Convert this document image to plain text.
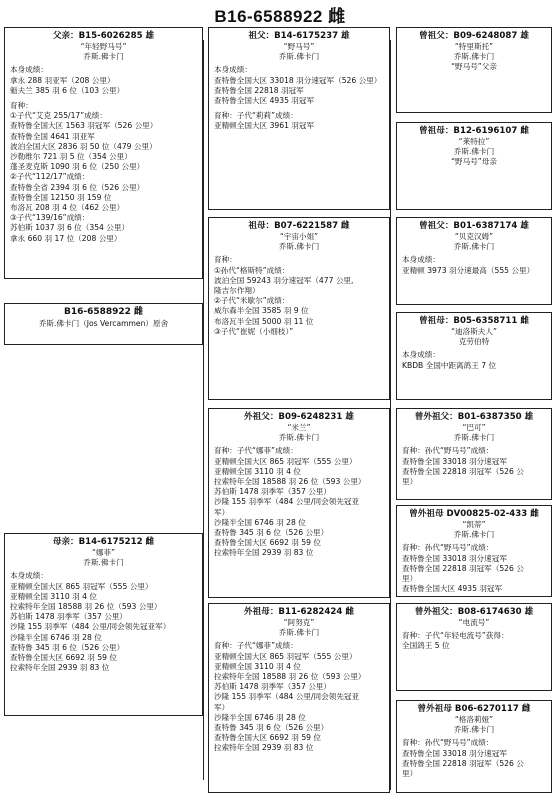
B16-6588922 雌
父亲：B15-6026285 雄
“年轻野马号”
乔斯.佛卡门
本身成绩：
拿永 288 羽亚军（208 公里）
魁夫兰 385 羽 6 位（103 公里）
育种：
①子代“艾克 255/17”成绩：
查特鲁全国大区 1563 羽冠军（526 公里）
查特鲁全国 4641 羽亚军
波泊全国大区 2836 羽 50 位（479 公里）
沙勒维尔 721 羽 5 位（354 公里）
蓬圣麦克斯 1090 羽 6 位（250 公里）
②子代“112/17”成绩：
查特鲁全省 2394 羽 6 位（526 公里）
查特鲁全国 12150 羽 159 位
布洛瓦 208 羽 4 位（462 公里）
③子代“139/16”成绩：
苏伯斯 1037 羽 6 位（354 公里）
拿永 660 羽 17 位（208 公里）
B16-6588922 雌
乔斯.佛卡门（Jos Vercammen）原舍
母亲：B14-6175212 雌
“娜菲”
乔斯.佛卡门
本身成绩：
亚精顿全国大区 865 羽冠军（555 公里）
亚精顿全国 3110 羽 4 位
拉索特年全国 18588 羽 26 位（593 公里）
苏伯斯 1478 羽季军（357 公里）
沙隆 155 羽季军（484 公里/同会领先冠亚军）
沙隆半全国 6746 羽 28 位
查特鲁 345 羽 6 位（526 公里）
查特鲁全国大区 6692 羽 59 位
拉索特年全国 2939 羽 83 位
祖父：B14-6175237 雄
“野马号”
乔斯.佛卡门
本身成绩：
查特鲁全国大区 33018 羽分速冠军（526 公里）
查特鲁全国 22818 羽冠军
查特鲁全国大区 4935 羽冠军
育种：子代“莉莉”成绩：
亚精顿全国大区 3961 羽冠军
祖母：B07-6221587 雌
“宇宙小姐”
乔斯.佛卡门
育种：
①孙代“格斯特”成绩：
波泊全国 59243 羽分速冠军（477 公里,
隆吉尔作翔）
②子代“米歇尔”成绩：
威尔森半全国 3585 羽 9 位
布洛瓦半全国 5000 羽 11 位
③子代“崔妮（小细枝）”
外祖父：B09-6248231 雄
“米兰”
乔斯.佛卡门
育种：子代“娜菲”成绩：
亚精顿全国大区 865 羽冠军（555 公里）
亚精顿全国 3110 羽 4 位
拉索特年全国 18588 羽 26 位（593 公里）
苏伯斯 1478 羽季军（357 公里）
沙隆 155 羽季军（484 公里/同会领先冠亚
军）
沙隆半全国 6746 羽 28 位
查特鲁 345 羽 6 位（526 公里）
查特鲁全国大区 6692 羽 59 位
拉索特年全国 2939 羽 83 位
外祖母：B11-6282424 雌
“阿努克”
乔斯.佛卡门
育种：子代“娜菲”成绩：
亚精顿全国大区 865 羽冠军（555 公里）
亚精顿全国 3110 羽 4 位
拉索特年全国 18588 羽 26 位（593 公里）
苏伯斯 1478 羽季军（357 公里）
沙隆 155 羽季军（484 公里/同会领先冠亚
军）
沙隆半全国 6746 羽 28 位
查特鲁 345 羽 6 位（526 公里）
查特鲁全国大区 6692 羽 59 位
拉索特年全国 2939 羽 83 位
曾祖父：B09-6248087 雄
“特里斯托”
乔斯.佛卡门
“野马号”父亲
曾祖母：B12-6196107 雌
“莱特拉”
乔斯.佛卡门
“野马号”母亲
曾祖父：B01-6387174 雄
“贝克汉姆”
乔斯.佛卡门
本身成绩：
亚精顿 3973 羽分速最高（555 公里）
曾祖母：B05-6358711 雌
“迪洛斯夫人”
克劳伯特
本身成绩：
KBDB 全国中距离鸽王 7 位
曾外祖父：B01-6387350 雄
“巴可”
乔斯.佛卡门
育种：孙代“野马号”成绩：
查特鲁全国 33018 羽分速冠军
查特鲁全国 22818 羽冠军（526 公
里）
曾外祖母 DV00825-02-433 雌
“凯蒂”
乔斯.佛卡门
育种：孙代“野马号”成绩：
查特鲁全国 33018 羽分速冠军
查特鲁全国 22818 羽冠军（526 公
里）
查特鲁全国大区 4935 羽冠军
曾外祖父：B08-6174630 雄
“电流号”
育种：子代“年轻电流号”获得：
全国鸽王 5 位
曾外祖母 B06-6270117 雌
“格洛莉娅”
乔斯.佛卡门
育种：孙代“野马号”成绩：
查特鲁全国 33018 羽分速冠军
查特鲁全国 22818 羽冠军（526 公
里）
